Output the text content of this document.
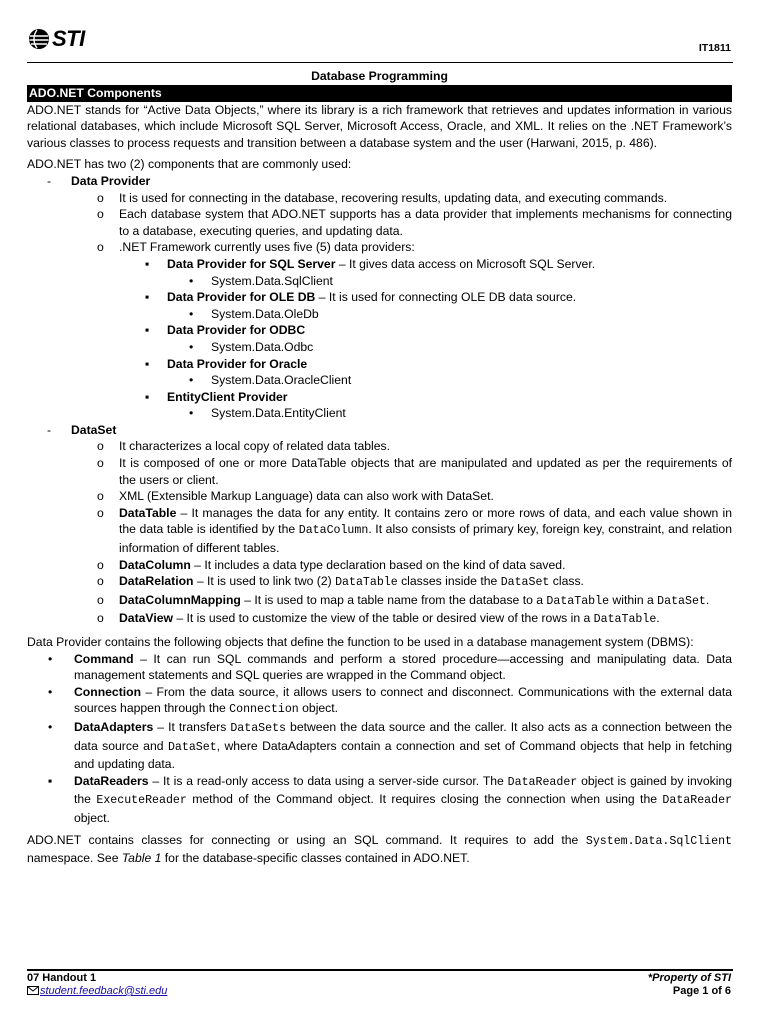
STI	IT1811
Database Programming
ADO.NET Components

ADO.NET stands for “Active Data Objects,” where its library is a rich framework that retrieves and updates information in various relational databases, which include Microsoft SQL Server, Microsoft Access, Oracle, and XML. It relies on the .NET Framework’s various classes to process requests and transition between a database system and the user (Harwani, 2015, p. 486).

ADO.NET has two (2) components that are commonly used:

-	Data Provider
o	It is used for connecting in the database, recovering results, updating data, and executing commands.
o	Each database system that ADO.NET supports has a data provider that implements mechanisms for connecting to a database, executing queries, and updating data.
o	.NET Framework currently uses five (5) data providers:
▪	Data Provider for SQL Server – It gives data access on Microsoft SQL Server.
•	System.Data.SqlClient
▪	Data Provider for OLE DB – It is used for connecting OLE DB data source.
•	System.Data.OleDb
▪	Data Provider for ODBC
•	System.Data.Odbc
▪	Data Provider for Oracle
•	System.Data.OracleClient
▪	EntityClient Provider
•	System.Data.EntityClient
-	DataSet
o	It characterizes a local copy of related data tables.
o	It is composed of one or more DataTable objects that are manipulated and updated as per the requirements of the users or client.
o	XML (Extensible Markup Language) data can also work with DataSet.
o	DataTable – It manages the data for any entity. It contains zero or more rows of data, and each value shown in the data table is identified by the DataColumn. It also consists of primary key, foreign key, constraint, and relation information of different tables.
o	DataColumn – It includes a data type declaration based on the kind of data saved.
o	DataRelation – It is used to link two (2) DataTable classes inside the DataSet class.
o	DataColumnMapping – It is used to map a table name from the database to a DataTable within a DataSet.
o	DataView – It is used to customize the view of the table or desired view of the rows in a DataTable.

Data Provider contains the following objects that define the function to be used in a database management system (DBMS):

•	Command – It can run SQL commands and perform a stored procedure—accessing and manipulating data. Data management statements and SQL queries are wrapped in the Command object.
•	Connection – From the data source, it allows users to connect and disconnect. Communications with the external data sources happen through the Connection object.
•	DataAdapters – It transfers DataSets between the data source and the caller. It also acts as a connection between the data source and DataSet, where DataAdapters contain a connection and set of Command objects that help in fetching and updating data.
▪	DataReaders – It is a read-only access to data using a server-side cursor. The DataReader object is gained by invoking the ExecuteReader method of the Command object. It requires closing the connection when using the DataReader object.

ADO.NET contains classes for connecting or using an SQL command. It requires to add the System.Data.SqlClient namespace. See Table 1 for the database-specific classes contained in ADO.NET.

07 Handout 1
student.feedback@sti.edu
*Property of STI
Page 1 of 6
